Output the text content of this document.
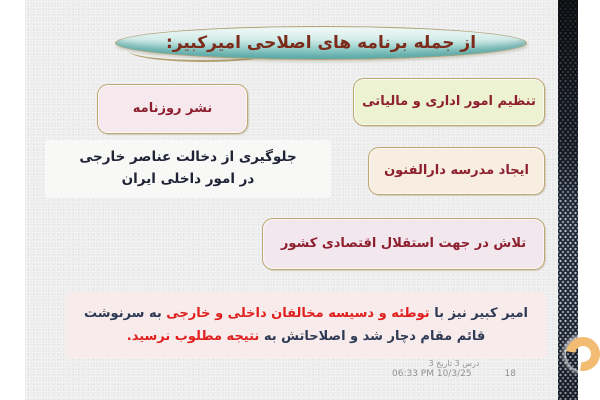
از جمله برنامه های اصلاحی امیرکبیر:
نشر روزنامه	تنظیم امور اداری و مالیاتی
جلوگیری از دخالت عناصر خارجی
در امور داخلی ایران
ایجاد مدرسه دارالفنون
تلاش در جهت استقلال اقتصادی کشور
امیر کبیر نیز با توطئه و دسیسه مخالفان داخلی و خارجی به سرنوشت
قائم مقام دچار شد و اصلاحاتش به نتیجه مطلوب نرسید.
درس 3 تاریخ 3
06:33 PM 10/3/25	18
